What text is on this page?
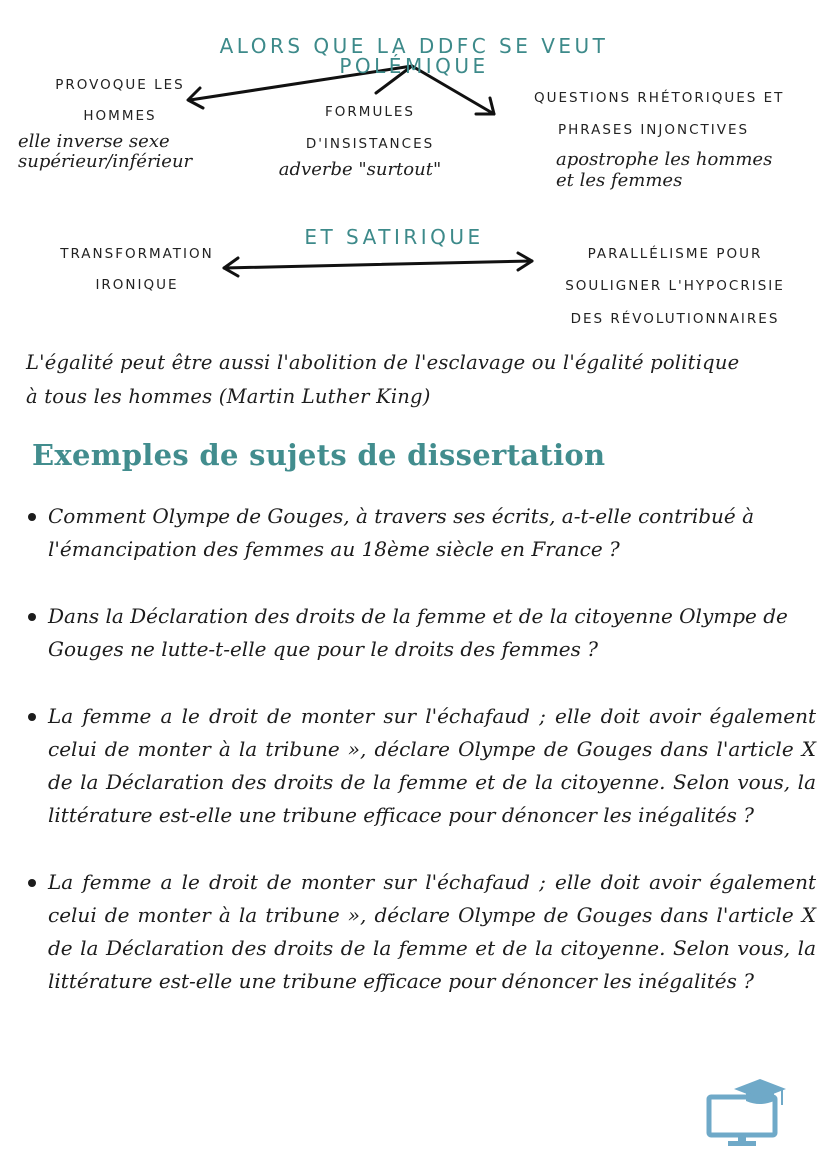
ALORS QUE LA DDFC SE VEUT POLÉMIQUE
PROVOQUE LES
HOMMES
elle inverse sexe
supérieur/inférieur
FORMULES
D'INSISTANCES
adverbe "surtout"
QUESTIONS RHÉTORIQUES ET
PHRASES INJONCTIVES
apostrophe les hommes
et les femmes
ET SATIRIQUE
TRANSFORMATION
IRONIQUE
PARALLÉLISME POUR
SOULIGNER L'HYPOCRISIE
DES RÉVOLUTIONNAIRES
L'égalité peut être aussi l'abolition de l'esclavage ou l'égalité politique
à tous les hommes (Martin Luther King)
Exemples de sujets de dissertation
Comment Olympe de Gouges, à travers ses écrits, a-t-elle contribué à l'émancipation des femmes au 18ème siècle en France ?
Dans la Déclaration des droits de la femme et de la citoyenne Olympe de Gouges ne lutte-t-elle que pour le droits des femmes ?
La femme a le droit de monter sur l'échafaud ; elle doit avoir également celui de monter à la tribune », déclare Olympe de Gouges dans l'article X de la Déclaration des droits de la femme et de la citoyenne. Selon vous, la littérature est-elle une tribune efficace pour dénoncer les inégalités ?
La femme a le droit de monter sur l'échafaud ; elle doit avoir également celui de monter à la tribune », déclare Olympe de Gouges dans l'article X de la Déclaration des droits de la femme et de la citoyenne. Selon vous, la littérature est-elle une tribune efficace pour dénoncer les inégalités ?
